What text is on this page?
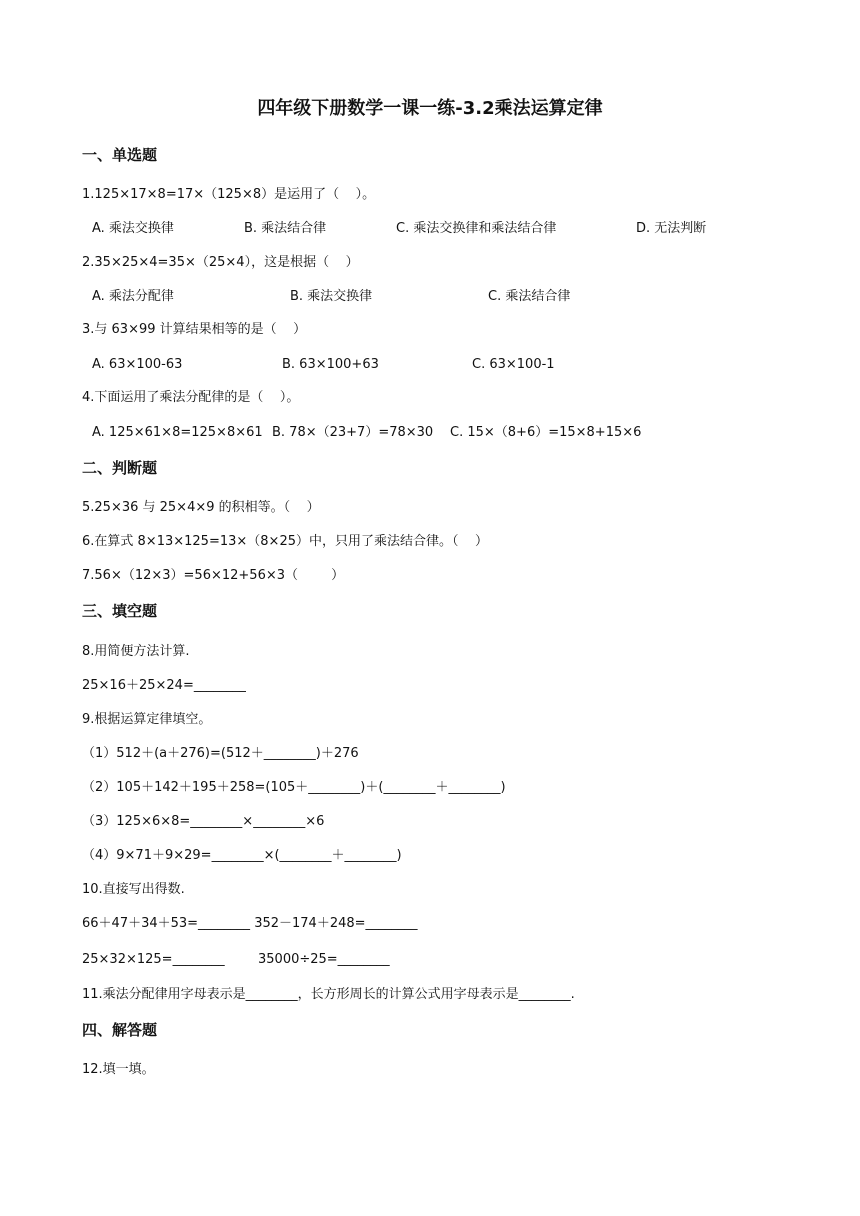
四年级下册数学一课一练-3.2乘法运算定律
一、单选题
1.125×17×8=17×（125×8）是运用了（    ）。
A. 乘法交换律	B. 乘法结合律	C. 乘法交换律和乘法结合律	D. 无法判断
2.35×25×4=35×（25×4），这是根据（    ）
A. 乘法分配律	B. 乘法交换律	C. 乘法结合律
3.与 63×99 计算结果相等的是（    ）
A. 63×100-63	B. 63×100+63	C. 63×100-1
4.下面运用了乘法分配律的是（    ）。
A. 125×61×8=125×8×61 B. 78×（23+7）=78×30 C. 15×（8+6）=15×8+15×6
二、判断题
5.25×36 与 25×4×9 的积相等。（    ）
6.在算式 8×13×125=13×（8×25）中，只用了乘法结合律。（    ）
7.56×（12×3）=56×12+56×3（        ）
三、填空题
8.用简便方法计算.
25×16＋25×24=________
9.根据运算定律填空。
（1）512＋(a＋276)=(512＋________)＋276
（2）105＋142＋195＋258=(105＋________)＋(________＋________)
（3）125×6×8=________×________×6
（4）9×71＋9×29=________×(________＋________)
10.直接写出得数.
66＋47＋34＋53=________ 352－174＋248=________
25×32×125=________	35000÷25=________
11.乘法分配律用字母表示是________，长方形周长的计算公式用字母表示是________.
四、解答题
12.填一填。
